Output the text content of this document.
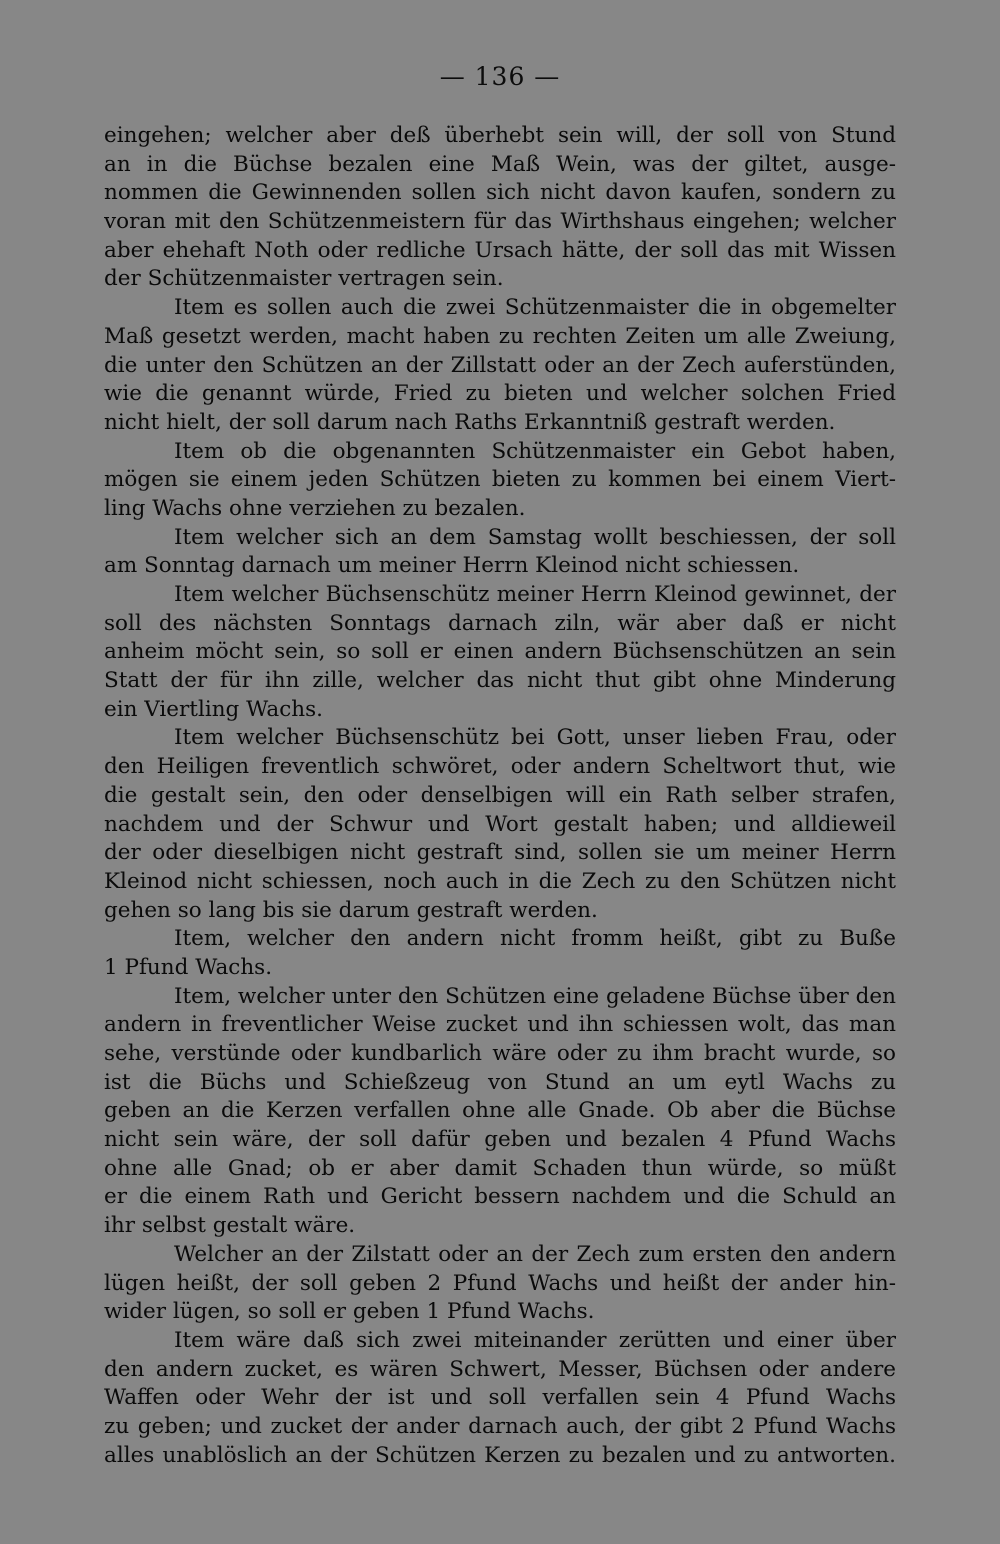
— 136 —
eingehen; welcher aber deß überhebt sein will, der soll von Stund
an in die Büchse bezalen eine Maß Wein, was der giltet, ausge-
nommen die Gewinnenden sollen sich nicht davon kaufen, sondern zu
voran mit den Schützenmeistern für das Wirthshaus eingehen; welcher
aber ehehaft Noth oder redliche Ursach hätte, der soll das mit Wissen
der Schützenmaister vertragen sein.
Item es sollen auch die zwei Schützenmaister die in obgemelter
Maß gesetzt werden, macht haben zu rechten Zeiten um alle Zweiung,
die unter den Schützen an der Zillstatt oder an der Zech auferstünden,
wie die genannt würde, Fried zu bieten und welcher solchen Fried
nicht hielt, der soll darum nach Raths Erkanntniß gestraft werden.
Item ob die obgenannten Schützenmaister ein Gebot haben,
mögen sie einem jeden Schützen bieten zu kommen bei einem Viert-
ling Wachs ohne verziehen zu bezalen.
Item welcher sich an dem Samstag wollt beschiessen, der soll
am Sonntag darnach um meiner Herrn Kleinod nicht schiessen.
Item welcher Büchsenschütz meiner Herrn Kleinod gewinnet, der
soll des nächsten Sonntags darnach ziln, wär aber daß er nicht
anheim möcht sein, so soll er einen andern Büchsenschützen an sein
Statt der für ihn zille, welcher das nicht thut gibt ohne Minderung
ein Viertling Wachs.
Item welcher Büchsenschütz bei Gott, unser lieben Frau, oder
den Heiligen freventlich schwöret, oder andern Scheltwort thut, wie
die gestalt sein, den oder denselbigen will ein Rath selber strafen,
nachdem und der Schwur und Wort gestalt haben; und alldieweil
der oder dieselbigen nicht gestraft sind, sollen sie um meiner Herrn
Kleinod nicht schiessen, noch auch in die Zech zu den Schützen nicht
gehen so lang bis sie darum gestraft werden.
Item, welcher den andern nicht fromm heißt, gibt zu Buße
1 Pfund Wachs.
Item, welcher unter den Schützen eine geladene Büchse über den
andern in freventlicher Weise zucket und ihn schiessen wolt, das man
sehe, verstünde oder kundbarlich wäre oder zu ihm bracht wurde, so
ist die Büchs und Schießzeug von Stund an um eytl Wachs zu
geben an die Kerzen verfallen ohne alle Gnade. Ob aber die Büchse
nicht sein wäre, der soll dafür geben und bezalen 4 Pfund Wachs
ohne alle Gnad; ob er aber damit Schaden thun würde, so müßt
er die einem Rath und Gericht bessern nachdem und die Schuld an
ihr selbst gestalt wäre.
Welcher an der Zilstatt oder an der Zech zum ersten den andern
lügen heißt, der soll geben 2 Pfund Wachs und heißt der ander hin-
wider lügen, so soll er geben 1 Pfund Wachs.
Item wäre daß sich zwei miteinander zerütten und einer über
den andern zucket, es wären Schwert, Messer, Büchsen oder andere
Waffen oder Wehr der ist und soll verfallen sein 4 Pfund Wachs
zu geben; und zucket der ander darnach auch, der gibt 2 Pfund Wachs
alles unablöslich an der Schützen Kerzen zu bezalen und zu antworten.
